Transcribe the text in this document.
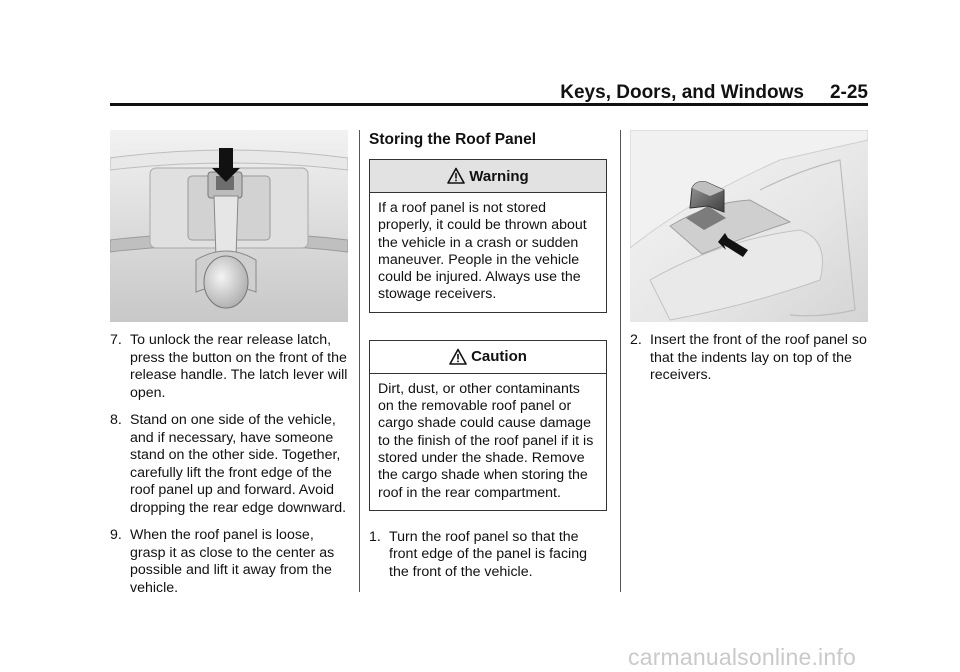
Keys, Doors, and Windows 2-25
7. To unlock the rear release latch, press the button on the front of the release handle. The latch lever will open.
8. Stand on one side of the vehicle, and if necessary, have someone stand on the other side. Together, carefully lift the front edge of the roof panel up and forward. Avoid dropping the rear edge downward.
9. When the roof panel is loose, grasp it as close to the center as possible and lift it away from the vehicle.
Storing the Roof Panel
Warning
If a roof panel is not stored properly, it could be thrown about the vehicle in a crash or sudden maneuver. People in the vehicle could be injured. Always use the stowage receivers.
Caution
Dirt, dust, or other contaminants on the removable roof panel or cargo shade could cause damage to the finish of the roof panel if it is stored under the shade. Remove the cargo shade when storing the roof in the rear compartment.
1. Turn the roof panel so that the front edge of the panel is facing the front of the vehicle.
2. Insert the front of the roof panel so that the indents lay on top of the receivers.
carmanualsonline.info
